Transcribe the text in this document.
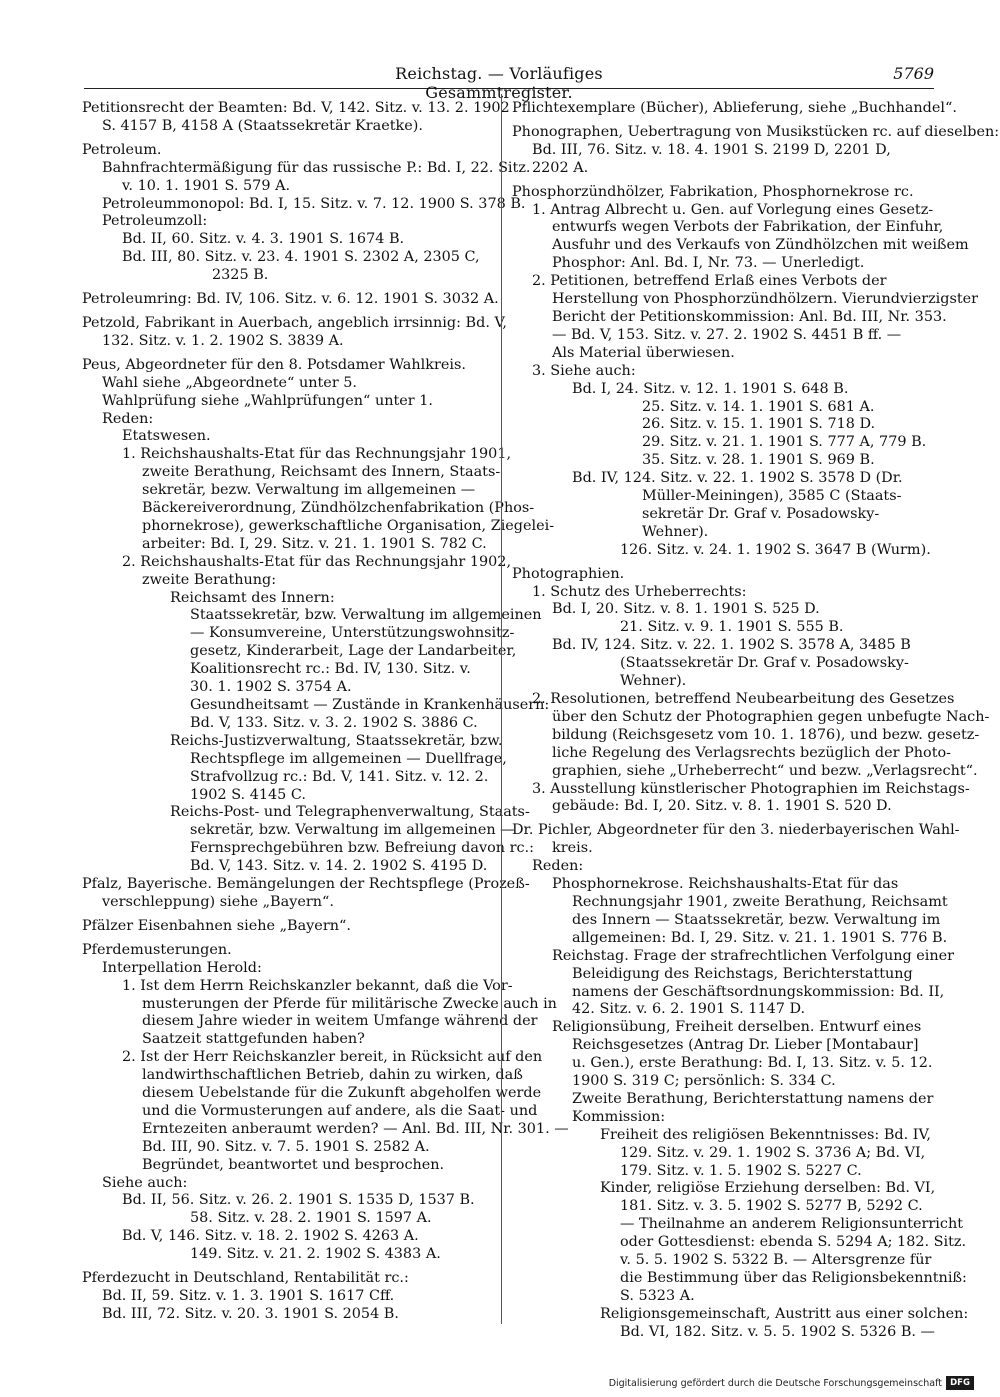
Reichstag. — Vorläufiges Gesammtregister.
5769
Petitionsrecht der Beamten: Bd. V, 142. Sitz. v. 13. 2. 1902
S. 4157 B, 4158 A (Staatssekretär Kraetke).
Petroleum.
Bahnfrachtermäßigung für das russische P.: Bd. I, 22. Sitz.
v. 10. 1. 1901 S. 579 A.
Petroleummonopol: Bd. I, 15. Sitz. v. 7. 12. 1900 S. 378 B.
Petroleumzoll:
Bd. II, 60. Sitz. v. 4. 3. 1901 S. 1674 B.
Bd. III, 80. Sitz. v. 23. 4. 1901 S. 2302 A, 2305 C,
2325 B.
Petroleumring: Bd. IV, 106. Sitz. v. 6. 12. 1901 S. 3032 A.
Petzold, Fabrikant in Auerbach, angeblich irrsinnig: Bd. V,
132. Sitz. v. 1. 2. 1902 S. 3839 A.
Peus, Abgeordneter für den 8. Potsdamer Wahlkreis.
Wahl siehe „Abgeordnete“ unter 5.
Wahlprüfung siehe „Wahlprüfungen“ unter 1.
Reden:
Etatswesen.
1. Reichshaushalts-Etat für das Rechnungsjahr 1901,
zweite Berathung, Reichsamt des Innern, Staats-
sekretär, bezw. Verwaltung im allgemeinen —
Bäckereiverordnung, Zündhölzchenfabrikation (Phos-
phornekrose), gewerkschaftliche Organisation, Ziegelei-
arbeiter: Bd. I, 29. Sitz. v. 21. 1. 1901 S. 782 C.
2. Reichshaushalts-Etat für das Rechnungsjahr 1902,
zweite Berathung:
Reichsamt des Innern:
Staatssekretär, bzw. Verwaltung im allgemeinen
— Konsumvereine, Unterstützungswohnsitz-
gesetz, Kinderarbeit, Lage der Landarbeiter,
Koalitionsrecht rc.: Bd. IV, 130. Sitz. v.
30. 1. 1902 S. 3754 A.
Gesundheitsamt — Zustände in Krankenhäusern:
Bd. V, 133. Sitz. v. 3. 2. 1902 S. 3886 C.
Reichs-Justizverwaltung, Staatssekretär, bzw.
Rechtspflege im allgemeinen — Duellfrage,
Strafvollzug rc.: Bd. V, 141. Sitz. v. 12. 2.
1902 S. 4145 C.
Reichs-Post- und Telegraphenverwaltung, Staats-
sekretär, bzw. Verwaltung im allgemeinen —
Fernsprechgebühren bzw. Befreiung davon rc.:
Bd. V, 143. Sitz. v. 14. 2. 1902 S. 4195 D.
Pfalz, Bayerische. Bemängelungen der Rechtspflege (Prozeß-
verschleppung) siehe „Bayern“.
Pfälzer Eisenbahnen siehe „Bayern“.
Pferdemusterungen.
Interpellation Herold:
1. Ist dem Herrn Reichskanzler bekannt, daß die Vor-
musterungen der Pferde für militärische Zwecke auch in
diesem Jahre wieder in weitem Umfange während der
Saatzeit stattgefunden haben?
2. Ist der Herr Reichskanzler bereit, in Rücksicht auf den
landwirthschaftlichen Betrieb, dahin zu wirken, daß
diesem Uebelstande für die Zukunft abgeholfen werde
und die Vormusterungen auf andere, als die Saat- und
Erntezeiten anberaumt werden? — Anl. Bd. III, Nr. 301. —
Bd. III, 90. Sitz. v. 7. 5. 1901 S. 2582 A.
Begründet, beantwortet und besprochen.
Siehe auch:
Bd. II, 56. Sitz. v. 26. 2. 1901 S. 1535 D, 1537 B.
58. Sitz. v. 28. 2. 1901 S. 1597 A.
Bd. V, 146. Sitz. v. 18. 2. 1902 S. 4263 A.
149. Sitz. v. 21. 2. 1902 S. 4383 A.
Pferdezucht in Deutschland, Rentabilität rc.:
Bd. II, 59. Sitz. v. 1. 3. 1901 S. 1617 Cff.
Bd. III, 72. Sitz. v. 20. 3. 1901 S. 2054 B.
Pflichtexemplare (Bücher), Ablieferung, siehe „Buchhandel“.
Phonographen, Uebertragung von Musikstücken rc. auf dieselben:
Bd. III, 76. Sitz. v. 18. 4. 1901 S. 2199 D, 2201 D,
2202 A.
Phosphorzündhölzer, Fabrikation, Phosphornekrose rc.
1. Antrag Albrecht u. Gen. auf Vorlegung eines Gesetz-
entwurfs wegen Verbots der Fabrikation, der Einfuhr,
Ausfuhr und des Verkaufs von Zündhölzchen mit weißem
Phosphor: Anl. Bd. I, Nr. 73. — Unerledigt.
2. Petitionen, betreffend Erlaß eines Verbots der
Herstellung von Phosphorzündhölzern. Vierundvierzigster
Bericht der Petitionskommission: Anl. Bd. III, Nr. 353.
— Bd. V, 153. Sitz. v. 27. 2. 1902 S. 4451 B ff. —
Als Material überwiesen.
3. Siehe auch:
Bd. I, 24. Sitz. v. 12. 1. 1901 S. 648 B.
25. Sitz. v. 14. 1. 1901 S. 681 A.
26. Sitz. v. 15. 1. 1901 S. 718 D.
29. Sitz. v. 21. 1. 1901 S. 777 A, 779 B.
35. Sitz. v. 28. 1. 1901 S. 969 B.
Bd. IV, 124. Sitz. v. 22. 1. 1902 S. 3578 D (Dr.
Müller-Meiningen), 3585 C (Staats-
sekretär Dr. Graf v. Posadowsky-
Wehner).
126. Sitz. v. 24. 1. 1902 S. 3647 B (Wurm).
Photographien.
1. Schutz des Urheberrechts:
Bd. I, 20. Sitz. v. 8. 1. 1901 S. 525 D.
21. Sitz. v. 9. 1. 1901 S. 555 B.
Bd. IV, 124. Sitz. v. 22. 1. 1902 S. 3578 A, 3485 B
(Staatssekretär Dr. Graf v. Posadowsky-
Wehner).
2. Resolutionen, betreffend Neubearbeitung des Gesetzes
über den Schutz der Photographien gegen unbefugte Nach-
bildung (Reichsgesetz vom 10. 1. 1876), und bezw. gesetz-
liche Regelung des Verlagsrechts bezüglich der Photo-
graphien, siehe „Urheberrecht“ und bezw. „Verlagsrecht“.
3. Ausstellung künstlerischer Photographien im Reichstags-
gebäude: Bd. I, 20. Sitz. v. 8. 1. 1901 S. 520 D.
Dr. Pichler, Abgeordneter für den 3. niederbayerischen Wahl-
kreis.
Reden:
Phosphornekrose. Reichshaushalts-Etat für das
Rechnungsjahr 1901, zweite Berathung, Reichsamt
des Innern — Staatssekretär, bezw. Verwaltung im
allgemeinen: Bd. I, 29. Sitz. v. 21. 1. 1901 S. 776 B.
Reichstag. Frage der strafrechtlichen Verfolgung einer
Beleidigung des Reichstags, Berichterstattung
namens der Geschäftsordnungskommission: Bd. II,
42. Sitz. v. 6. 2. 1901 S. 1147 D.
Religionsübung, Freiheit derselben. Entwurf eines
Reichsgesetzes (Antrag Dr. Lieber [Montabaur]
u. Gen.), erste Berathung: Bd. I, 13. Sitz. v. 5. 12.
1900 S. 319 C; persönlich: S. 334 C.
Zweite Berathung, Berichterstattung namens der
Kommission:
Freiheit des religiösen Bekenntnisses: Bd. IV,
129. Sitz. v. 29. 1. 1902 S. 3736 A; Bd. VI,
179. Sitz. v. 1. 5. 1902 S. 5227 C.
Kinder, religiöse Erziehung derselben: Bd. VI,
181. Sitz. v. 3. 5. 1902 S. 5277 B, 5292 C.
— Theilnahme an anderem Religionsunterricht
oder Gottesdienst: ebenda S. 5294 A; 182. Sitz.
v. 5. 5. 1902 S. 5322 B. — Altersgrenze für
die Bestimmung über das Religionsbekenntniß:
S. 5323 A.
Religionsgemeinschaft, Austritt aus einer solchen:
Bd. VI, 182. Sitz. v. 5. 5. 1902 S. 5326 B. —
Digitalisierung gefördert durch die Deutsche Forschungsgemeinschaft DFG
